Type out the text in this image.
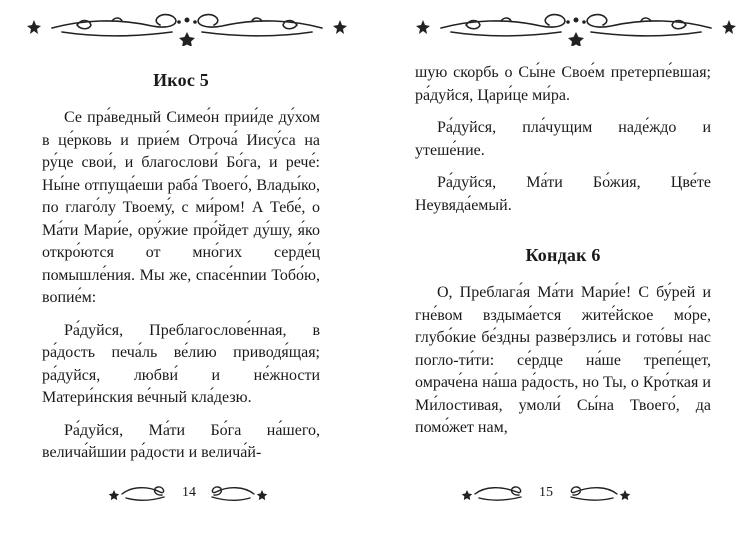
Икос 5

Се пра́ведный Симео́н прии́де ду́хом в це́рковь и прие́м Отроча́ Иису́са на ру́це свои́, и благослови́ Бо́га, и рече́: Ны́не отпуща́еши раба́ Твоего́, Влады́ко, по глаго́лу Твоему́, с ми́ром! А Тебе́, о Ма́ти Мари́е, ору́жие про́йдет ду́шу, я́ко откро́ются от мно́гих серде́ц помышле́ния. Мы же, спасе́нnии Тобо́ю, вопие́м:

Ра́дуйся, Преблагослове́нная, в ра́дость печа́ль ве́лию приводя́щая; ра́дуйся, любви́ и не́жности Матери́нския ве́чный кла́дезю.

Ра́дуйся, Ма́ти Бо́га на́шего, велича́йшии ра́дости и велича́й-

14

шую скорбь о Сы́не Свое́м претерпе́вшая; ра́дуйся, Цари́це ми́ра.

Ра́дуйся, пла́чущим наде́ждо и утеше́ние.

Ра́дуйся, Ма́ти Бо́жия, Цве́те Неувяда́емый.

Кондак 6

О, Преблага́я Ма́ти Мари́е! С бу́рей и гне́вом вздыма́ется жите́йское мо́ре, глубо́кие бе́здны разве́рзлись и гото́вы нас погло-ти́ти: се́рдце на́ше трепе́щет, омраче́на на́ша ра́дость, но Ты, о Кро́ткая и Ми́лостивая, умоли́ Сы́на Твоего́, да помо́жет нам,

15
